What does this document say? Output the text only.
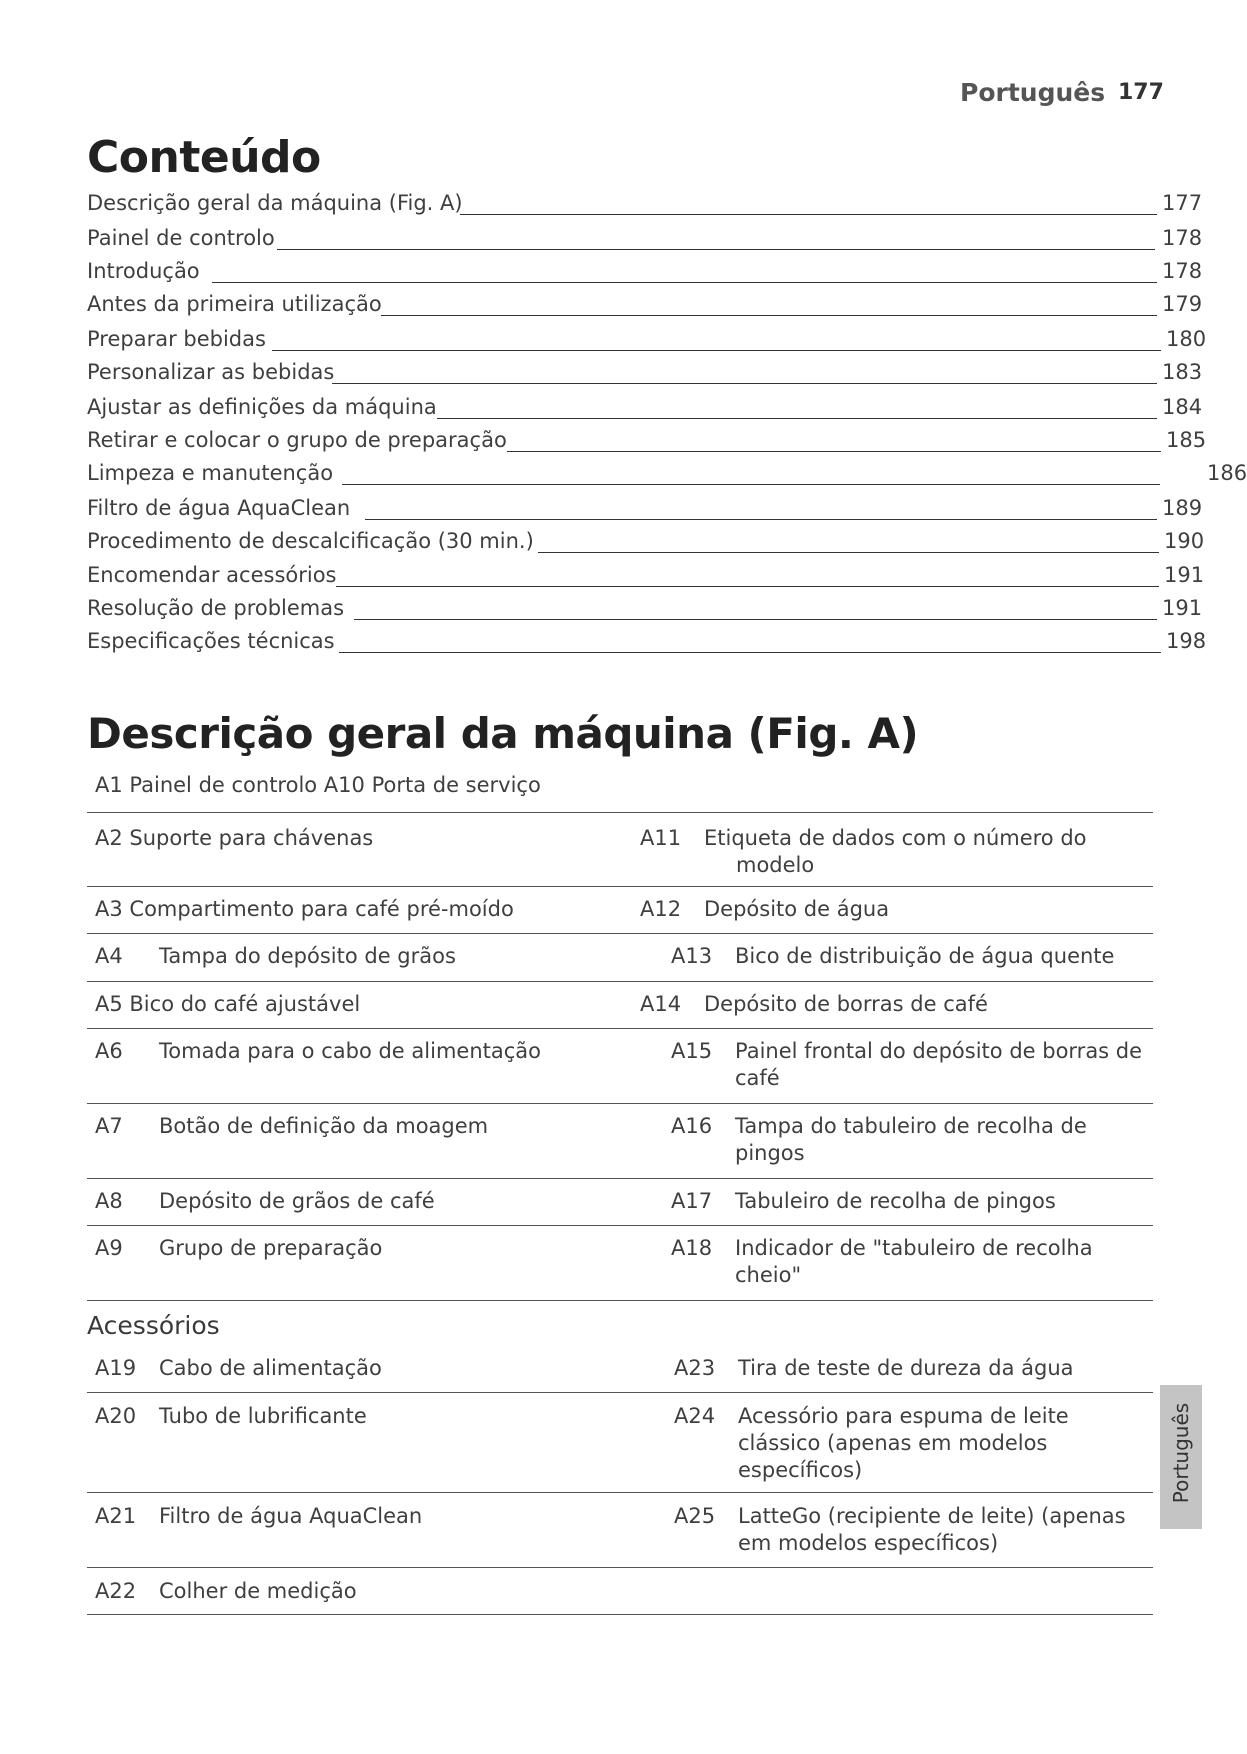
Português 177
Conteúdo
Descrição geral da máquina (Fig. A)	177
Painel de controlo	178
Introdução	178
Antes da primeira utilização	179
Preparar bebidas	180
Personalizar as bebidas	183
Ajustar as definições da máquina	184
Retirar e colocar o grupo de preparação	185
Limpeza e manutenção	186
Filtro de água AquaClean	189
Procedimento de descalcificação (30 min.)	190
Encomendar acessórios	191
Resolução de problemas	191
Especificações técnicas	198
Descrição geral da máquina (Fig. A)
A1 Painel de controlo A10 Porta de serviço
A2 Suporte para chávenas	A11 Etiqueta de dados com o número do modelo
A3 Compartimento para café pré-moído	A12 Depósito de água
A4 Tampa do depósito de grãos	A13 Bico de distribuição de água quente
A5 Bico do café ajustável	A14 Depósito de borras de café
A6 Tomada para o cabo de alimentação	A15 Painel frontal do depósito de borras de café
A7 Botão de definição da moagem	A16 Tampa do tabuleiro de recolha de pingos
A8 Depósito de grãos de café	A17 Tabuleiro de recolha de pingos
A9 Grupo de preparação	A18 Indicador de "tabuleiro de recolha cheio"
Acessórios
A19 Cabo de alimentação	A23 Tira de teste de dureza da água
A20 Tubo de lubrificante	A24 Acessório para espuma de leite clássico (apenas em modelos específicos)
A21 Filtro de água AquaClean	A25 LatteGo (recipiente de leite) (apenas em modelos específicos)
A22 Colher de medição
Português
